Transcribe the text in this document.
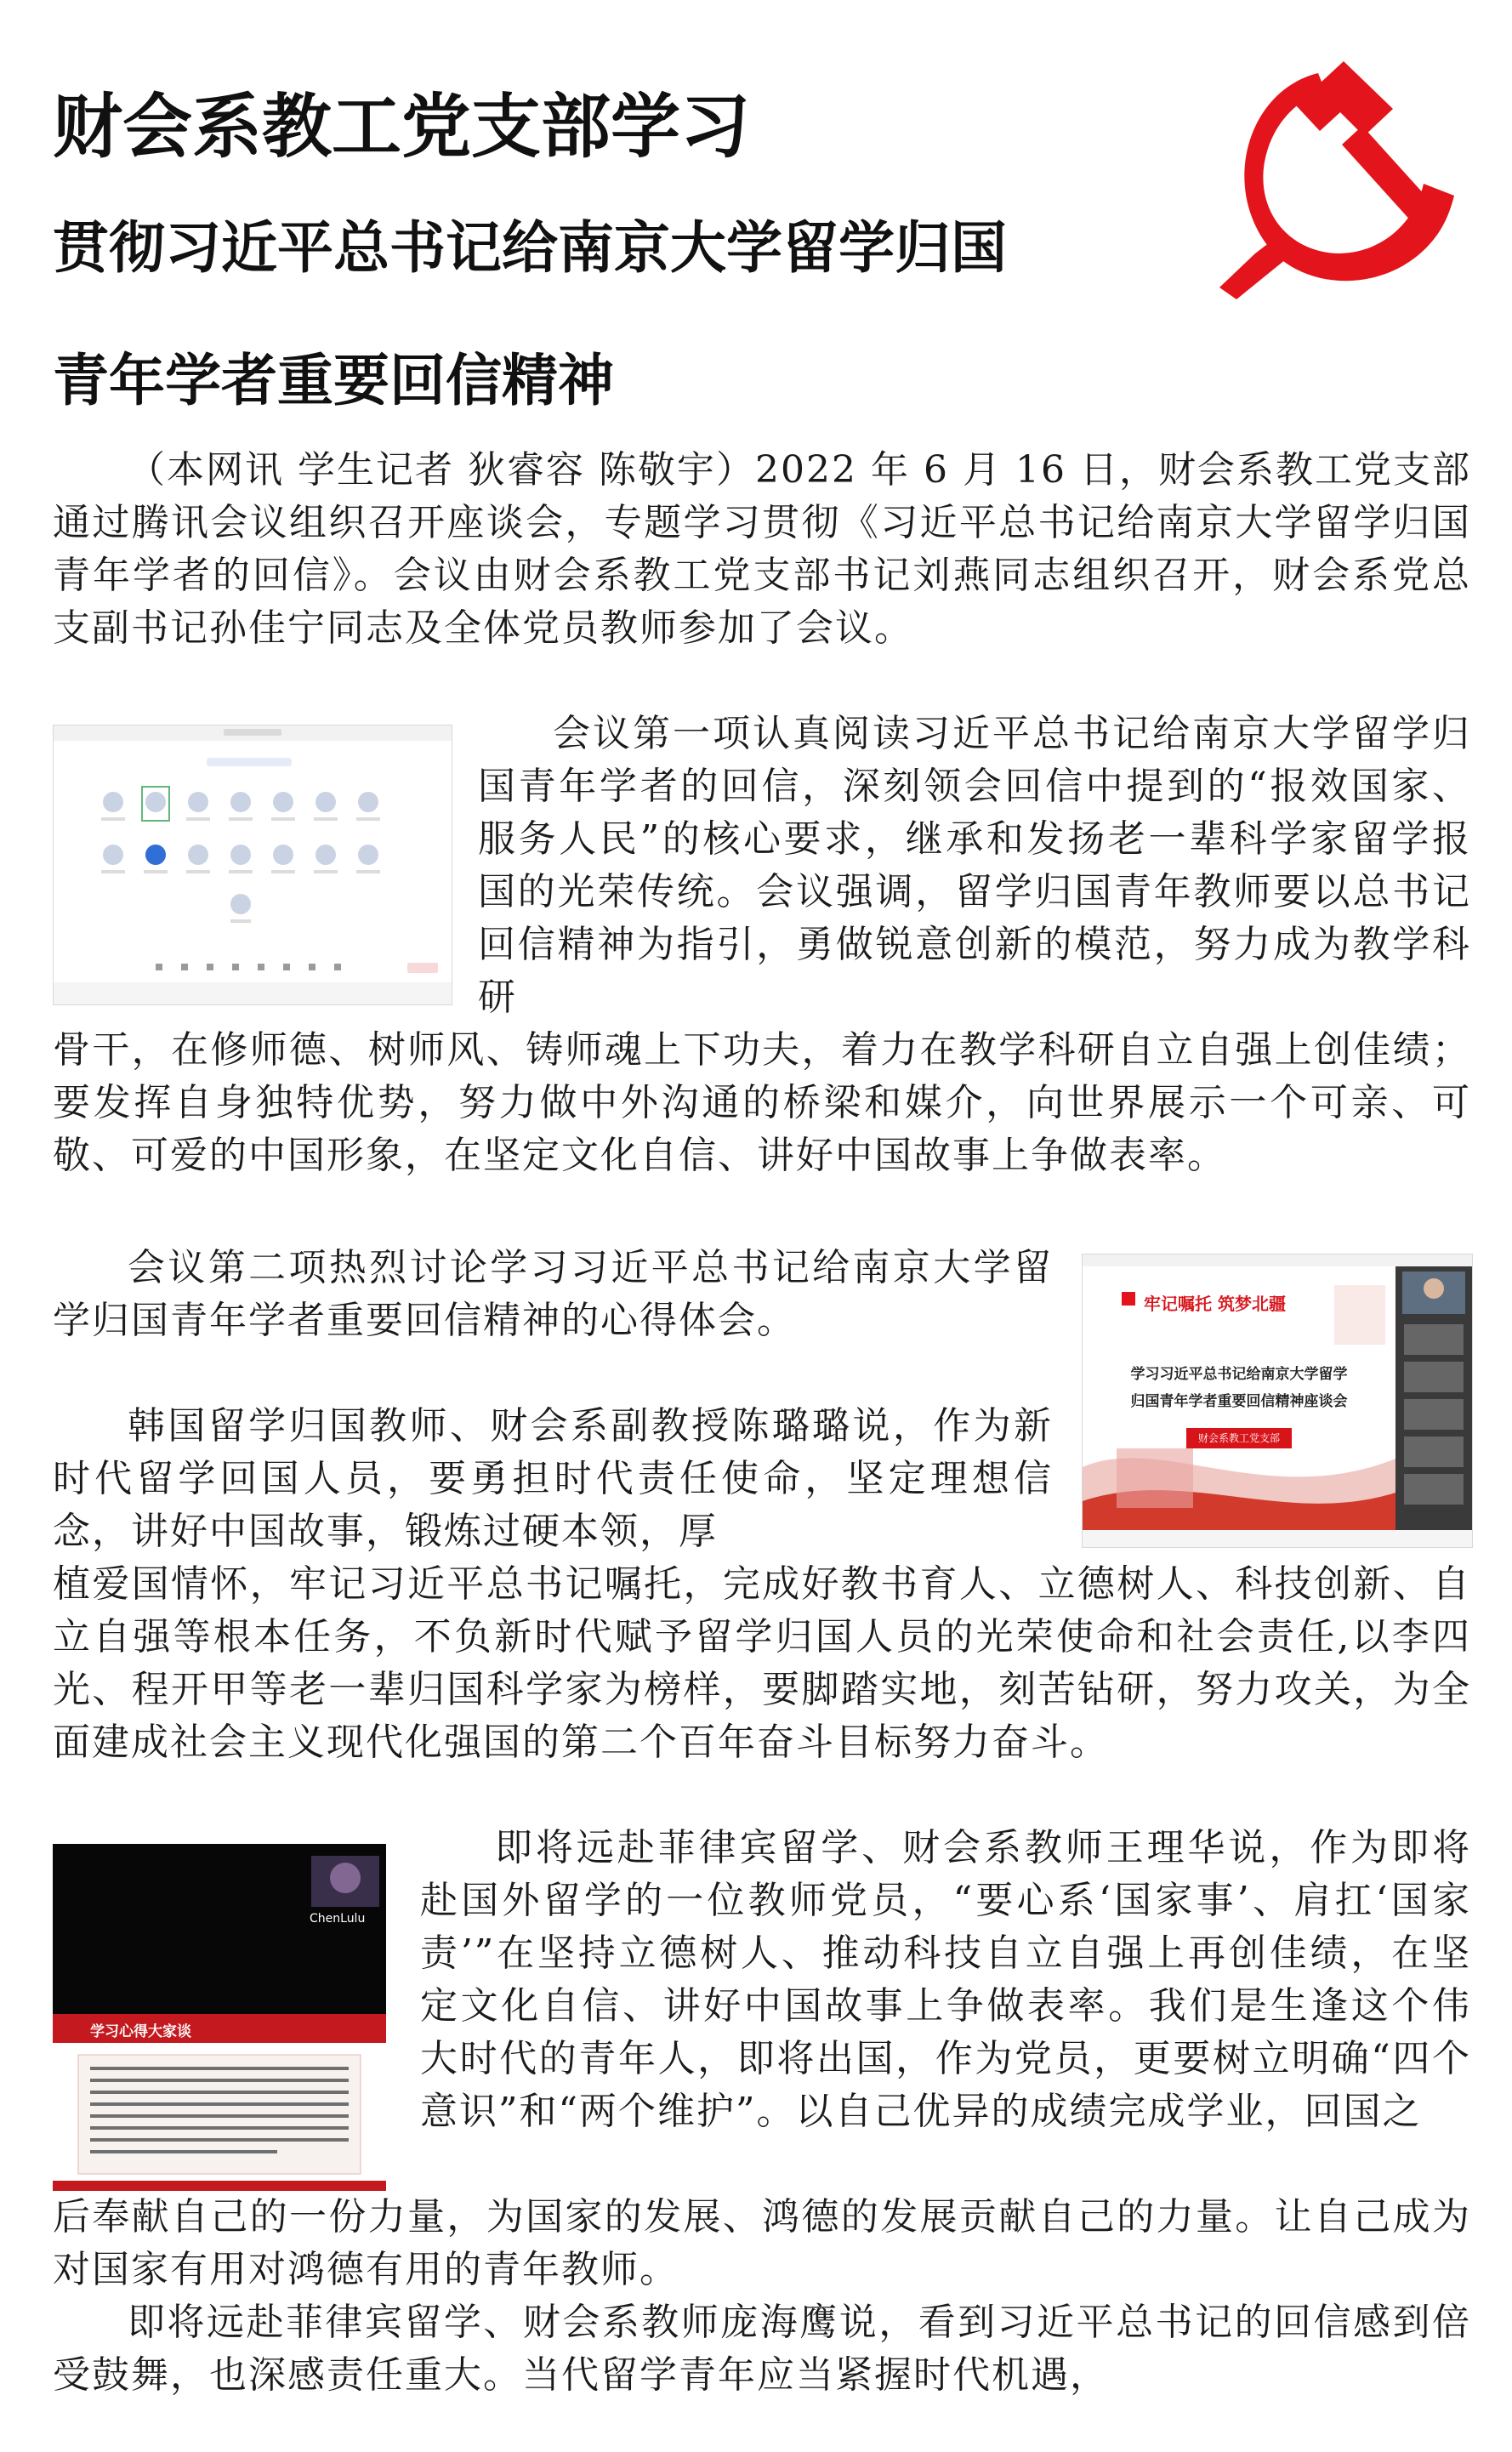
财会系教工党支部学习
贯彻习近平总书记给南京大学留学归国
青年学者重要回信精神

（本网讯 学生记者 狄睿容 陈敬宇）2022 年 6 月 16 日，财会系教工党支部通过腾讯会议组织召开座谈会，专题学习贯彻《习近平总书记给南京大学留学归国青年学者的回信》。会议由财会系教工党支部书记刘燕同志组织召开，财会系党总支副书记孙佳宁同志及全体党员教师参加了会议。

会议第一项认真阅读习近平总书记给南京大学留学归国青年学者的回信，深刻领会回信中提到的“报效国家、服务人民”的核心要求，继承和发扬老一辈科学家留学报国的光荣传统。会议强调，留学归国青年教师要以总书记回信精神为指引，勇做锐意创新的模范，努力成为教学科研

骨干，在修师德、树师风、铸师魂上下功夫，着力在教学科研自立自强上创佳绩；要发挥自身独特优势，努力做中外沟通的桥梁和媒介，向世界展示一个可亲、可敬、可爱的中国形象，在坚定文化自信、讲好中国故事上争做表率。

牢记嘱托 筑梦北疆
学习习近平总书记给南京大学留学
归国青年学者重要回信精神座谈会
财会系教工党支部

会议第二项热烈讨论学习习近平总书记给南京大学留学归国青年学者重要回信精神的心得体会。

韩国留学归国教师、财会系副教授陈璐璐说，作为新时代留学回国人员，要勇担时代责任使命，坚定理想信念，讲好中国故事，锻炼过硬本领，厚

植爱国情怀，牢记习近平总书记嘱托，完成好教书育人、立德树人、科技创新、自立自强等根本任务，不负新时代赋予留学归国人员的光荣使命和社会责任,以李四光、程开甲等老一辈归国科学家为榜样，要脚踏实地，刻苦钻研，努力攻关，为全面建成社会主义现代化强国的第二个百年奋斗目标努力奋斗。

ChenLulu
学习心得大家谈

即将远赴菲律宾留学、财会系教师王理华说，作为即将赴国外留学的一位教师党员，“要心系‘国家事’、肩扛‘国家责’”在坚持立德树人、推动科技自立自强上再创佳绩，在坚定文化自信、讲好中国故事上争做表率。我们是生逢这个伟大时代的青年人，即将出国，作为党员，更要树立明确“四个意识”和“两个维护”。以自己优异的成绩完成学业，回国之

后奉献自己的一份力量，为国家的发展、鸿德的发展贡献自己的力量。让自己成为对国家有用对鸿德有用的青年教师。

即将远赴菲律宾留学、财会系教师庞海鹰说，看到习近平总书记的回信感到倍受鼓舞，也深感责任重大。当代留学青年应当紧握时代机遇，
